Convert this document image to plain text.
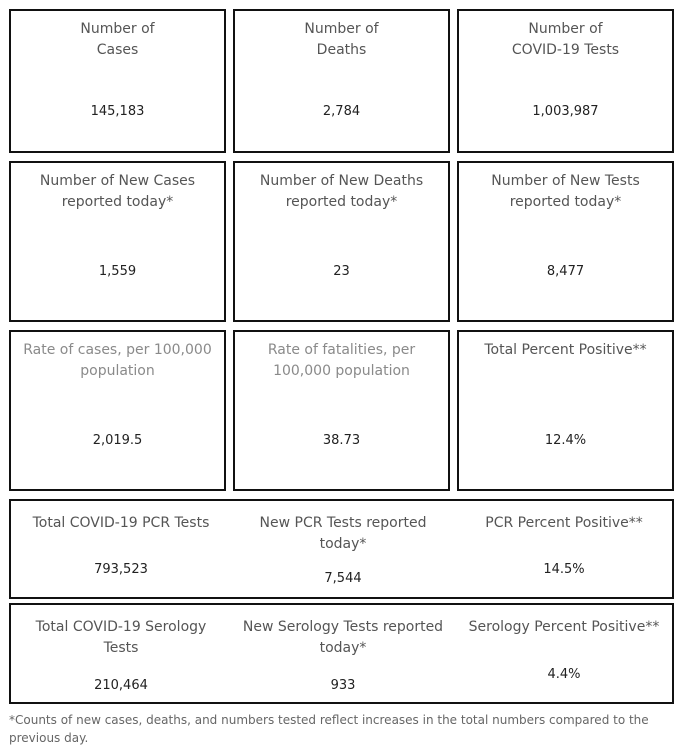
Number of
Cases
145,183
Number of
Deaths
2,784
Number of
COVID-19 Tests
1,003,987
Number of New Cases
reported today*
1,559
Number of New Deaths
reported today*
23
Number of New Tests
reported today*
8,477
Rate of cases, per 100,000
population
2,019.5
Rate of fatalities, per
100,000 population
38.73
Total Percent Positive**
12.4%
Total COVID-19 PCR Tests
793,523
New PCR Tests reported
today*
7,544
PCR Percent Positive**
14.5%
Total COVID-19 Serology
Tests
210,464
New Serology Tests reported
today*
933
Serology Percent Positive**
4.4%
*Counts of new cases, deaths, and numbers tested reflect increases in the total numbers compared to the previous day.
